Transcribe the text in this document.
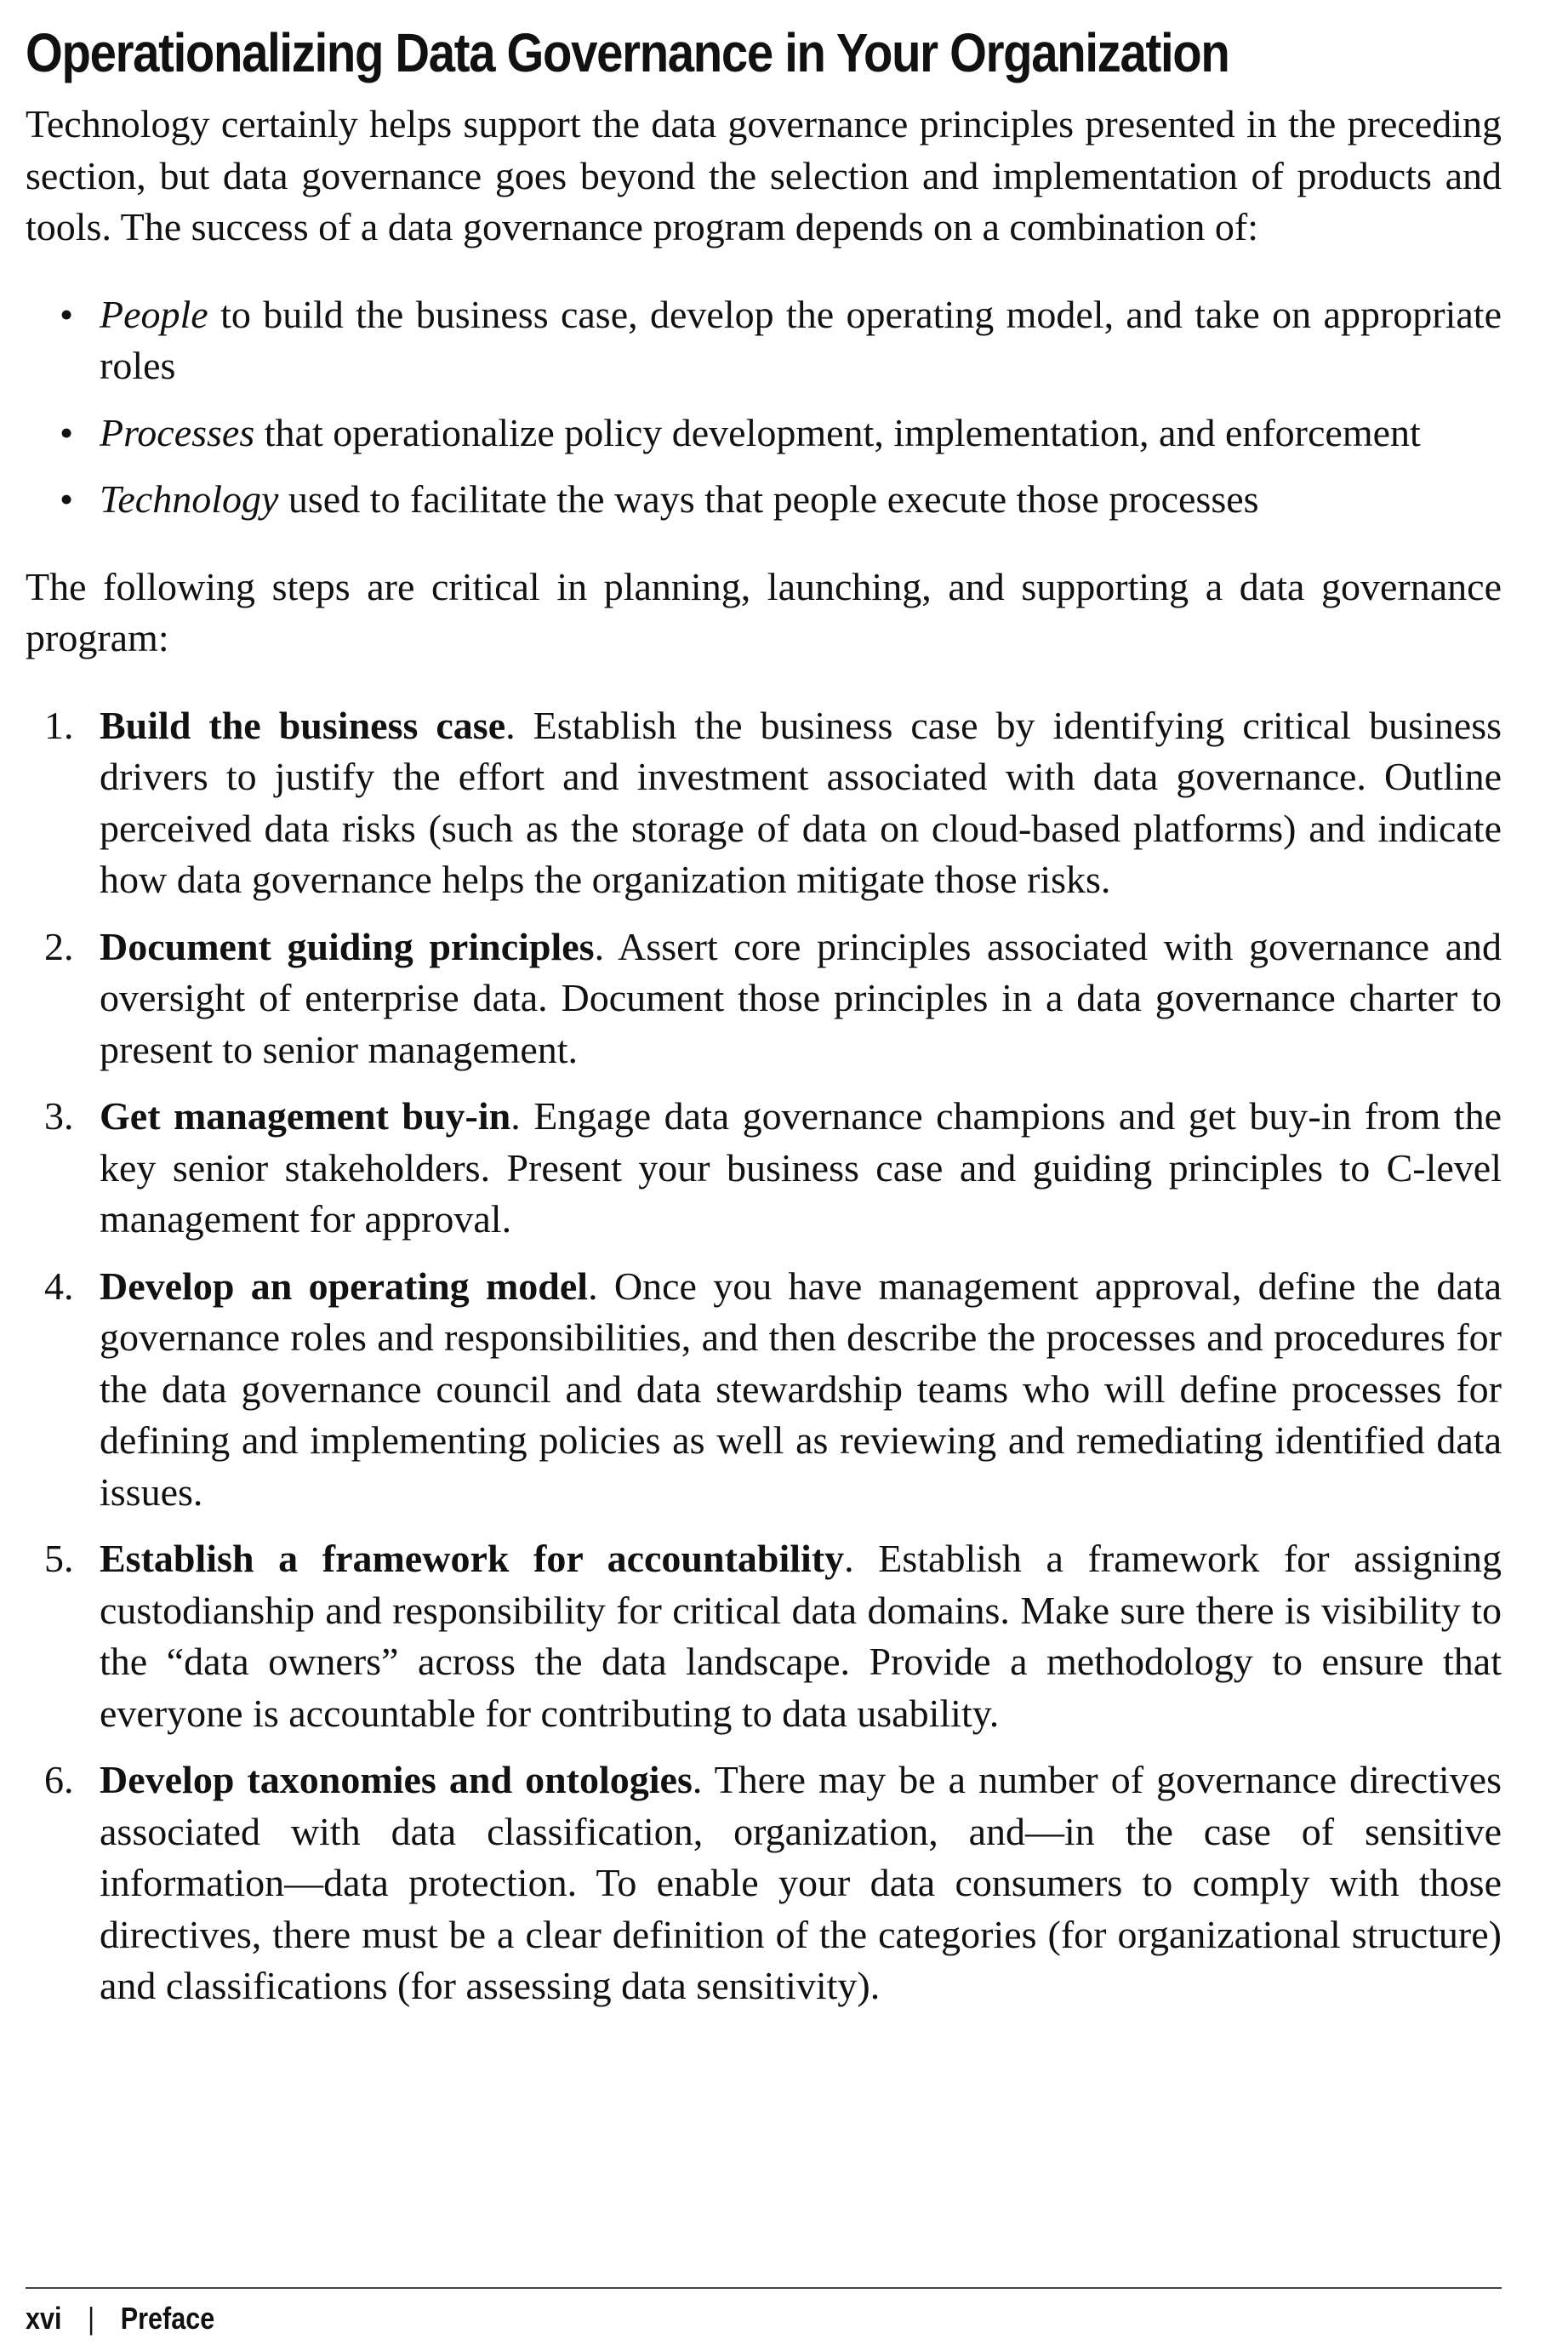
Operationalizing Data Governance in Your Organization

Technology certainly helps support the data governance principles presented in the preceding section, but data governance goes beyond the selection and implementation of products and tools. The success of a data governance program depends on a combination of:

• People to build the business case, develop the operating model, and take on appropriate roles
• Processes that operationalize policy development, implementation, and enforcement
• Technology used to facilitate the ways that people execute those processes

The following steps are critical in planning, launching, and supporting a data governance program:

1. Build the business case. Establish the business case by identifying critical business drivers to justify the effort and investment associated with data governance. Outline perceived data risks (such as the storage of data on cloud-based platforms) and indicate how data governance helps the organization mitigate those risks.
2. Document guiding principles. Assert core principles associated with governance and oversight of enterprise data. Document those principles in a data governance charter to present to senior management.
3. Get management buy-in. Engage data governance champions and get buy-in from the key senior stakeholders. Present your business case and guiding principles to C-level management for approval.
4. Develop an operating model. Once you have management approval, define the data governance roles and responsibilities, and then describe the processes and procedures for the data governance council and data stewardship teams who will define processes for defining and implementing policies as well as reviewing and remediating identified data issues.
5. Establish a framework for accountability. Establish a framework for assigning custodianship and responsibility for critical data domains. Make sure there is visibility to the “data owners” across the data landscape. Provide a methodology to ensure that everyone is accountable for contributing to data usability.
6. Develop taxonomies and ontologies. There may be a number of governance directives associated with data classification, organization, and—in the case of sensitive information—data protection. To enable your data consumers to comply with those directives, there must be a clear definition of the categories (for organizational structure) and classifications (for assessing data sensitivity).
xvi | Preface
